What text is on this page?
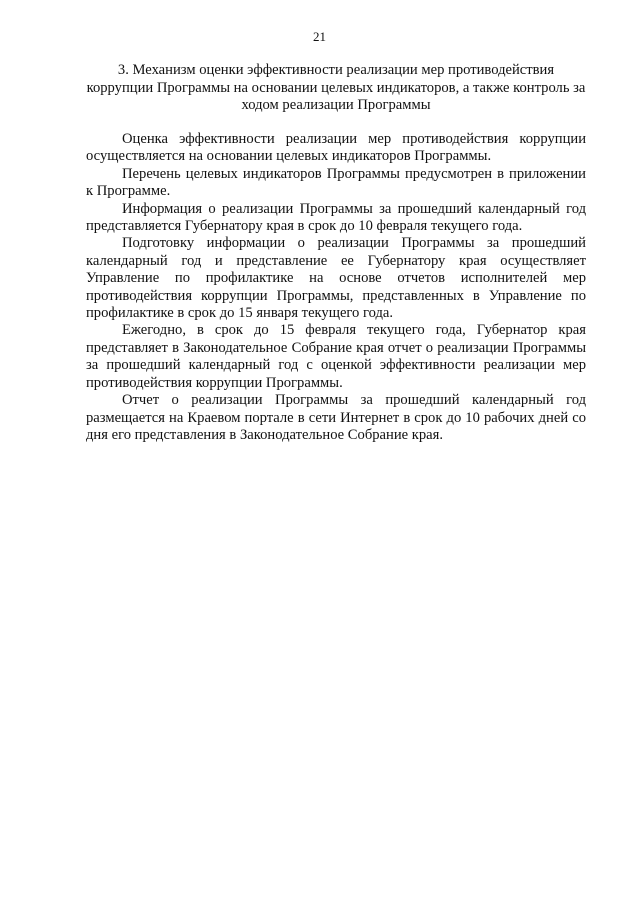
21
3. Механизм оценки эффективности реализации мер противодействия коррупции Программы на основании целевых индикаторов, а также контроль за ходом реализации Программы

Оценка эффективности реализации мер противодействия коррупции осуществляется на основании целевых индикаторов Программы.

Перечень целевых индикаторов Программы предусмотрен в приложении к Программе.

Информация о реализации Программы за прошедший календарный год представляется Губернатору края в срок до 10 февраля текущего года.

Подготовку информации о реализации Программы за прошедший календарный год и представление ее Губернатору края осуществляет Управление по профилактике на основе отчетов исполнителей мер противодействия коррупции Программы, представленных в Управление по профилактике в срок до 15 января текущего года.

Ежегодно, в срок до 15 февраля текущего года, Губернатор края представляет в Законодательное Собрание края отчет о реализации Программы за прошедший календарный год с оценкой эффективности реализации мер противодействия коррупции Программы.

Отчет о реализации Программы за прошедший календарный год размещается на Краевом портале в сети Интернет в срок до 10 рабочих дней со дня его представления в Законодательное Собрание края.
